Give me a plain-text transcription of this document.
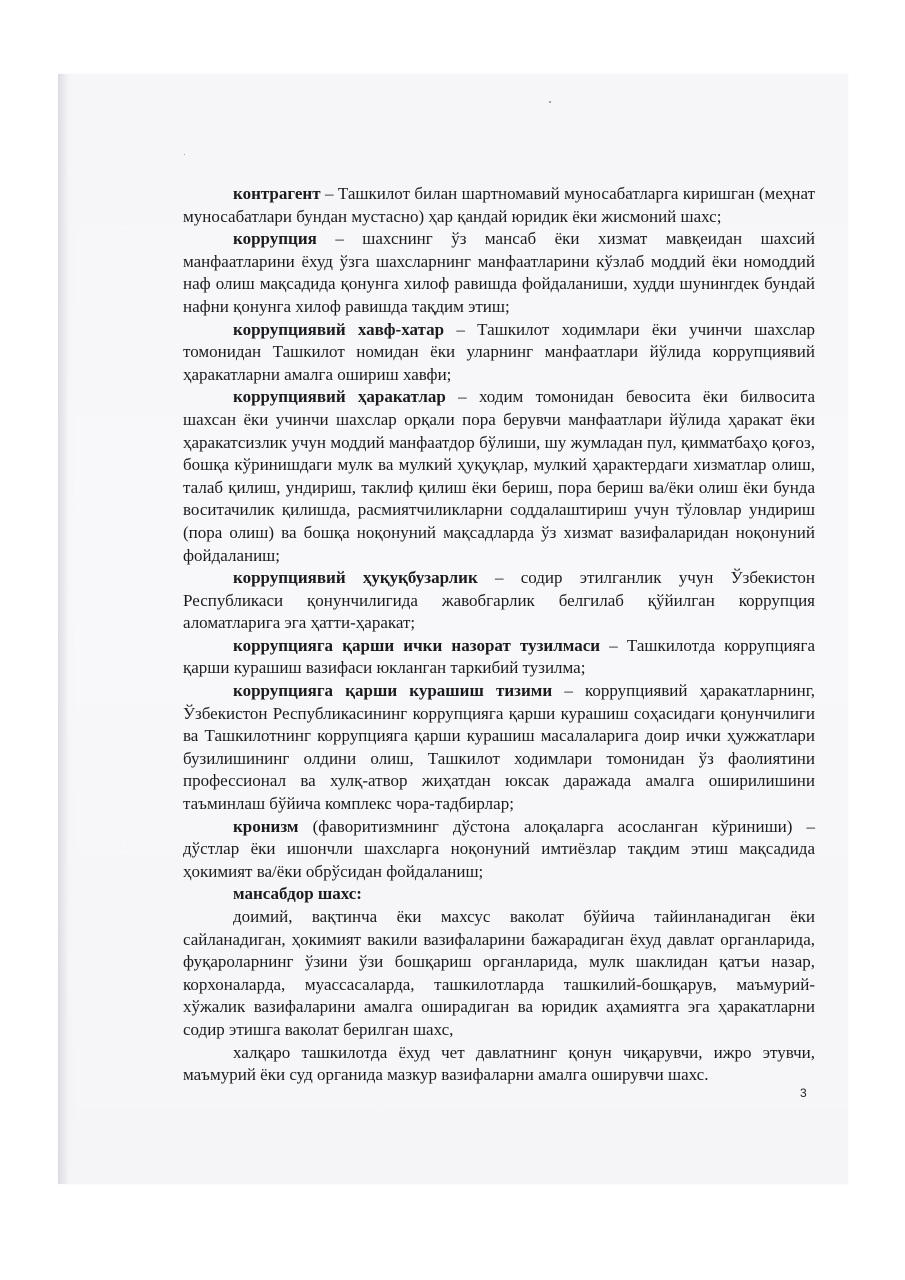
контрагент – Ташкилот билан шартномавий муносабатларга киришган (меҳнат муносабатлари бундан мустасно) ҳар қандай юридик ёки жисмоний шахс;

коррупция – шахснинг ўз мансаб ёки хизмат мавқеидан шахсий манфаатларини ёхуд ўзга шахсларнинг манфаатларини кўзлаб моддий ёки номоддий наф олиш мақсадида қонунга хилоф равишда фойдаланиши, худди шунингдек бундай нафни қонунга хилоф равишда тақдим этиш;

коррупциявий хавф-хатар – Ташкилот ходимлари ёки учинчи шахслар томонидан Ташкилот номидан ёки уларнинг манфаатлари йўлида коррупциявий ҳаракатларни амалга ошириш хавфи;

коррупциявий ҳаракатлар – ходим томонидан бевосита ёки билвосита шахсан ёки учинчи шахслар орқали пора берувчи манфаатлари йўлида ҳаракат ёки ҳаракатсизлик учун моддий манфаатдор бўлиши, шу жумладан пул, қимматбаҳо қоғоз, бошқа кўринишдаги мулк ва мулкий ҳуқуқлар, мулкий ҳарактердаги хизматлар олиш, талаб қилиш, ундириш, таклиф қилиш ёки бериш, пора бериш ва/ёки олиш ёки бунда воситачилик қилишда, расмиятчиликларни соддалаштириш учун тўловлар ундириш (пора олиш) ва бошқа ноқонуний мақсадларда ўз хизмат вазифаларидан ноқонуний фойдаланиш;

коррупциявий ҳуқуқбузарлик – содир этилганлик учун Ўзбекистон Республикаси қонунчилигида жавобгарлик белгилаб қўйилган коррупция аломатларига эга ҳатти-ҳаракат;

коррупцияга қарши ички назорат тузилмаси – Ташкилотда коррупцияга қарши курашиш вазифаси юкланган таркибий тузилма;

коррупцияга қарши курашиш тизими – коррупциявий ҳаракатларнинг, Ўзбекистон Республикасининг коррупцияга қарши курашиш соҳасидаги қонунчилиги ва Ташкилотнинг коррупцияга қарши курашиш масалаларига доир ички ҳужжатлари бузилишининг олдини олиш, Ташкилот ходимлари томонидан ўз фаолиятини профессионал ва хулқ-атвор жиҳатдан юксак даражада амалга оширилишини таъминлаш бўйича комплекс чора-тадбирлар;

кронизм (фаворитизмнинг дўстона алоқаларга асосланган кўриниши) – дўстлар ёки ишончли шахсларга ноқонуний имтиёзлар тақдим этиш мақсадида ҳокимият ва/ёки обрўсидан фойдаланиш;

мансабдор шахс:

доимий, вақтинча ёки махсус ваколат бўйича тайинланадиган ёки сайланадиган, ҳокимият вакили вазифаларини бажарадиган ёхуд давлат органларида, фуқароларнинг ўзини ўзи бошқариш органларида, мулк шаклидан қатъи назар, корхоналарда, муассасаларда, ташкилотларда ташкилий-бошқарув, маъмурий-хўжалик вазифаларини амалга оширадиган ва юридик аҳамиятга эга ҳаракатларни содир этишга ваколат берилган шахс,

халқаро ташкилотда ёхуд чет давлатнинг қонун чиқарувчи, ижро этувчи, маъмурий ёки суд органида мазкур вазифаларни амалга оширувчи шахс.

3
